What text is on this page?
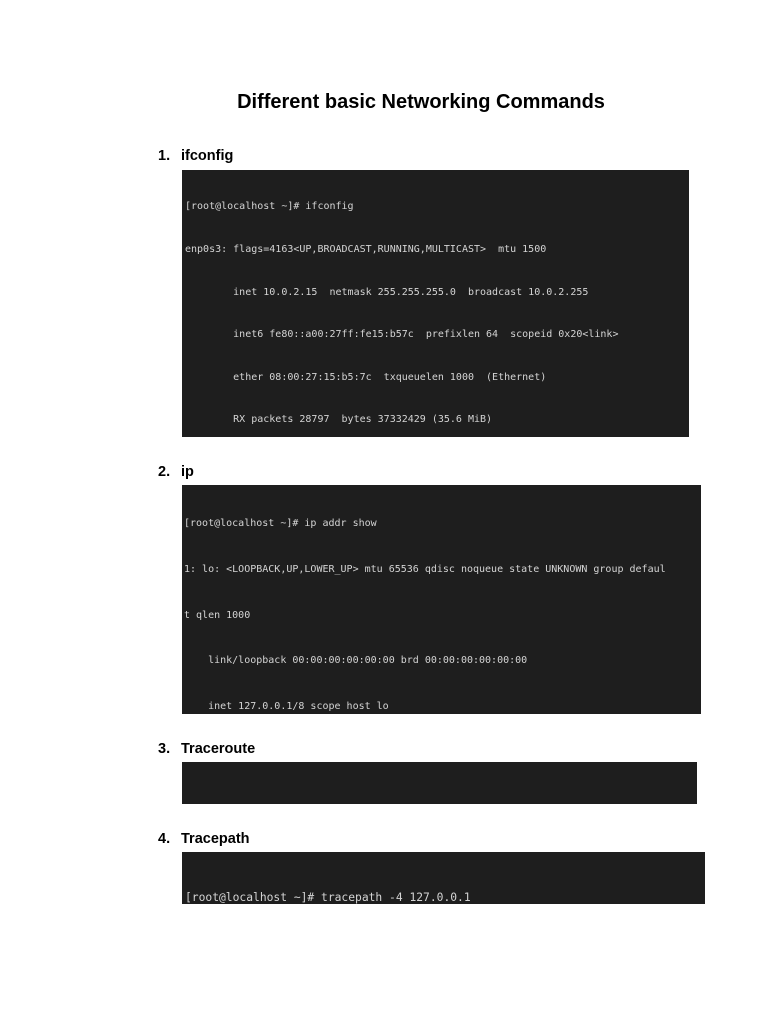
Different basic Networking Commands
1. ifconfig

[root@localhost ~]# ifconfig

enp0s3: flags=4163<UP,BROADCAST,RUNNING,MULTICAST>  mtu 1500

inet 10.0.2.15  netmask 255.255.255.0  broadcast 10.0.2.255

inet6 fe80::a00:27ff:fe15:b57c  prefixlen 64  scopeid 0x20<link>

ether 08:00:27:15:b5:7c  txqueuelen 1000  (Ethernet)

RX packets 28797  bytes 37332429 (35.6 MiB)

2. ip

[root@localhost ~]# ip addr show

1: lo: <LOOPBACK,UP,LOWER_UP> mtu 65536 qdisc noqueue state UNKNOWN group defaul

t qlen 1000

link/loopback 00:00:00:00:00:00 brd 00:00:00:00:00:00

inet 127.0.0.1/8 scope host lo

3. Traceroute

4. Tracepath

[root@localhost ~]# tracepath -4 127.0.0.1
